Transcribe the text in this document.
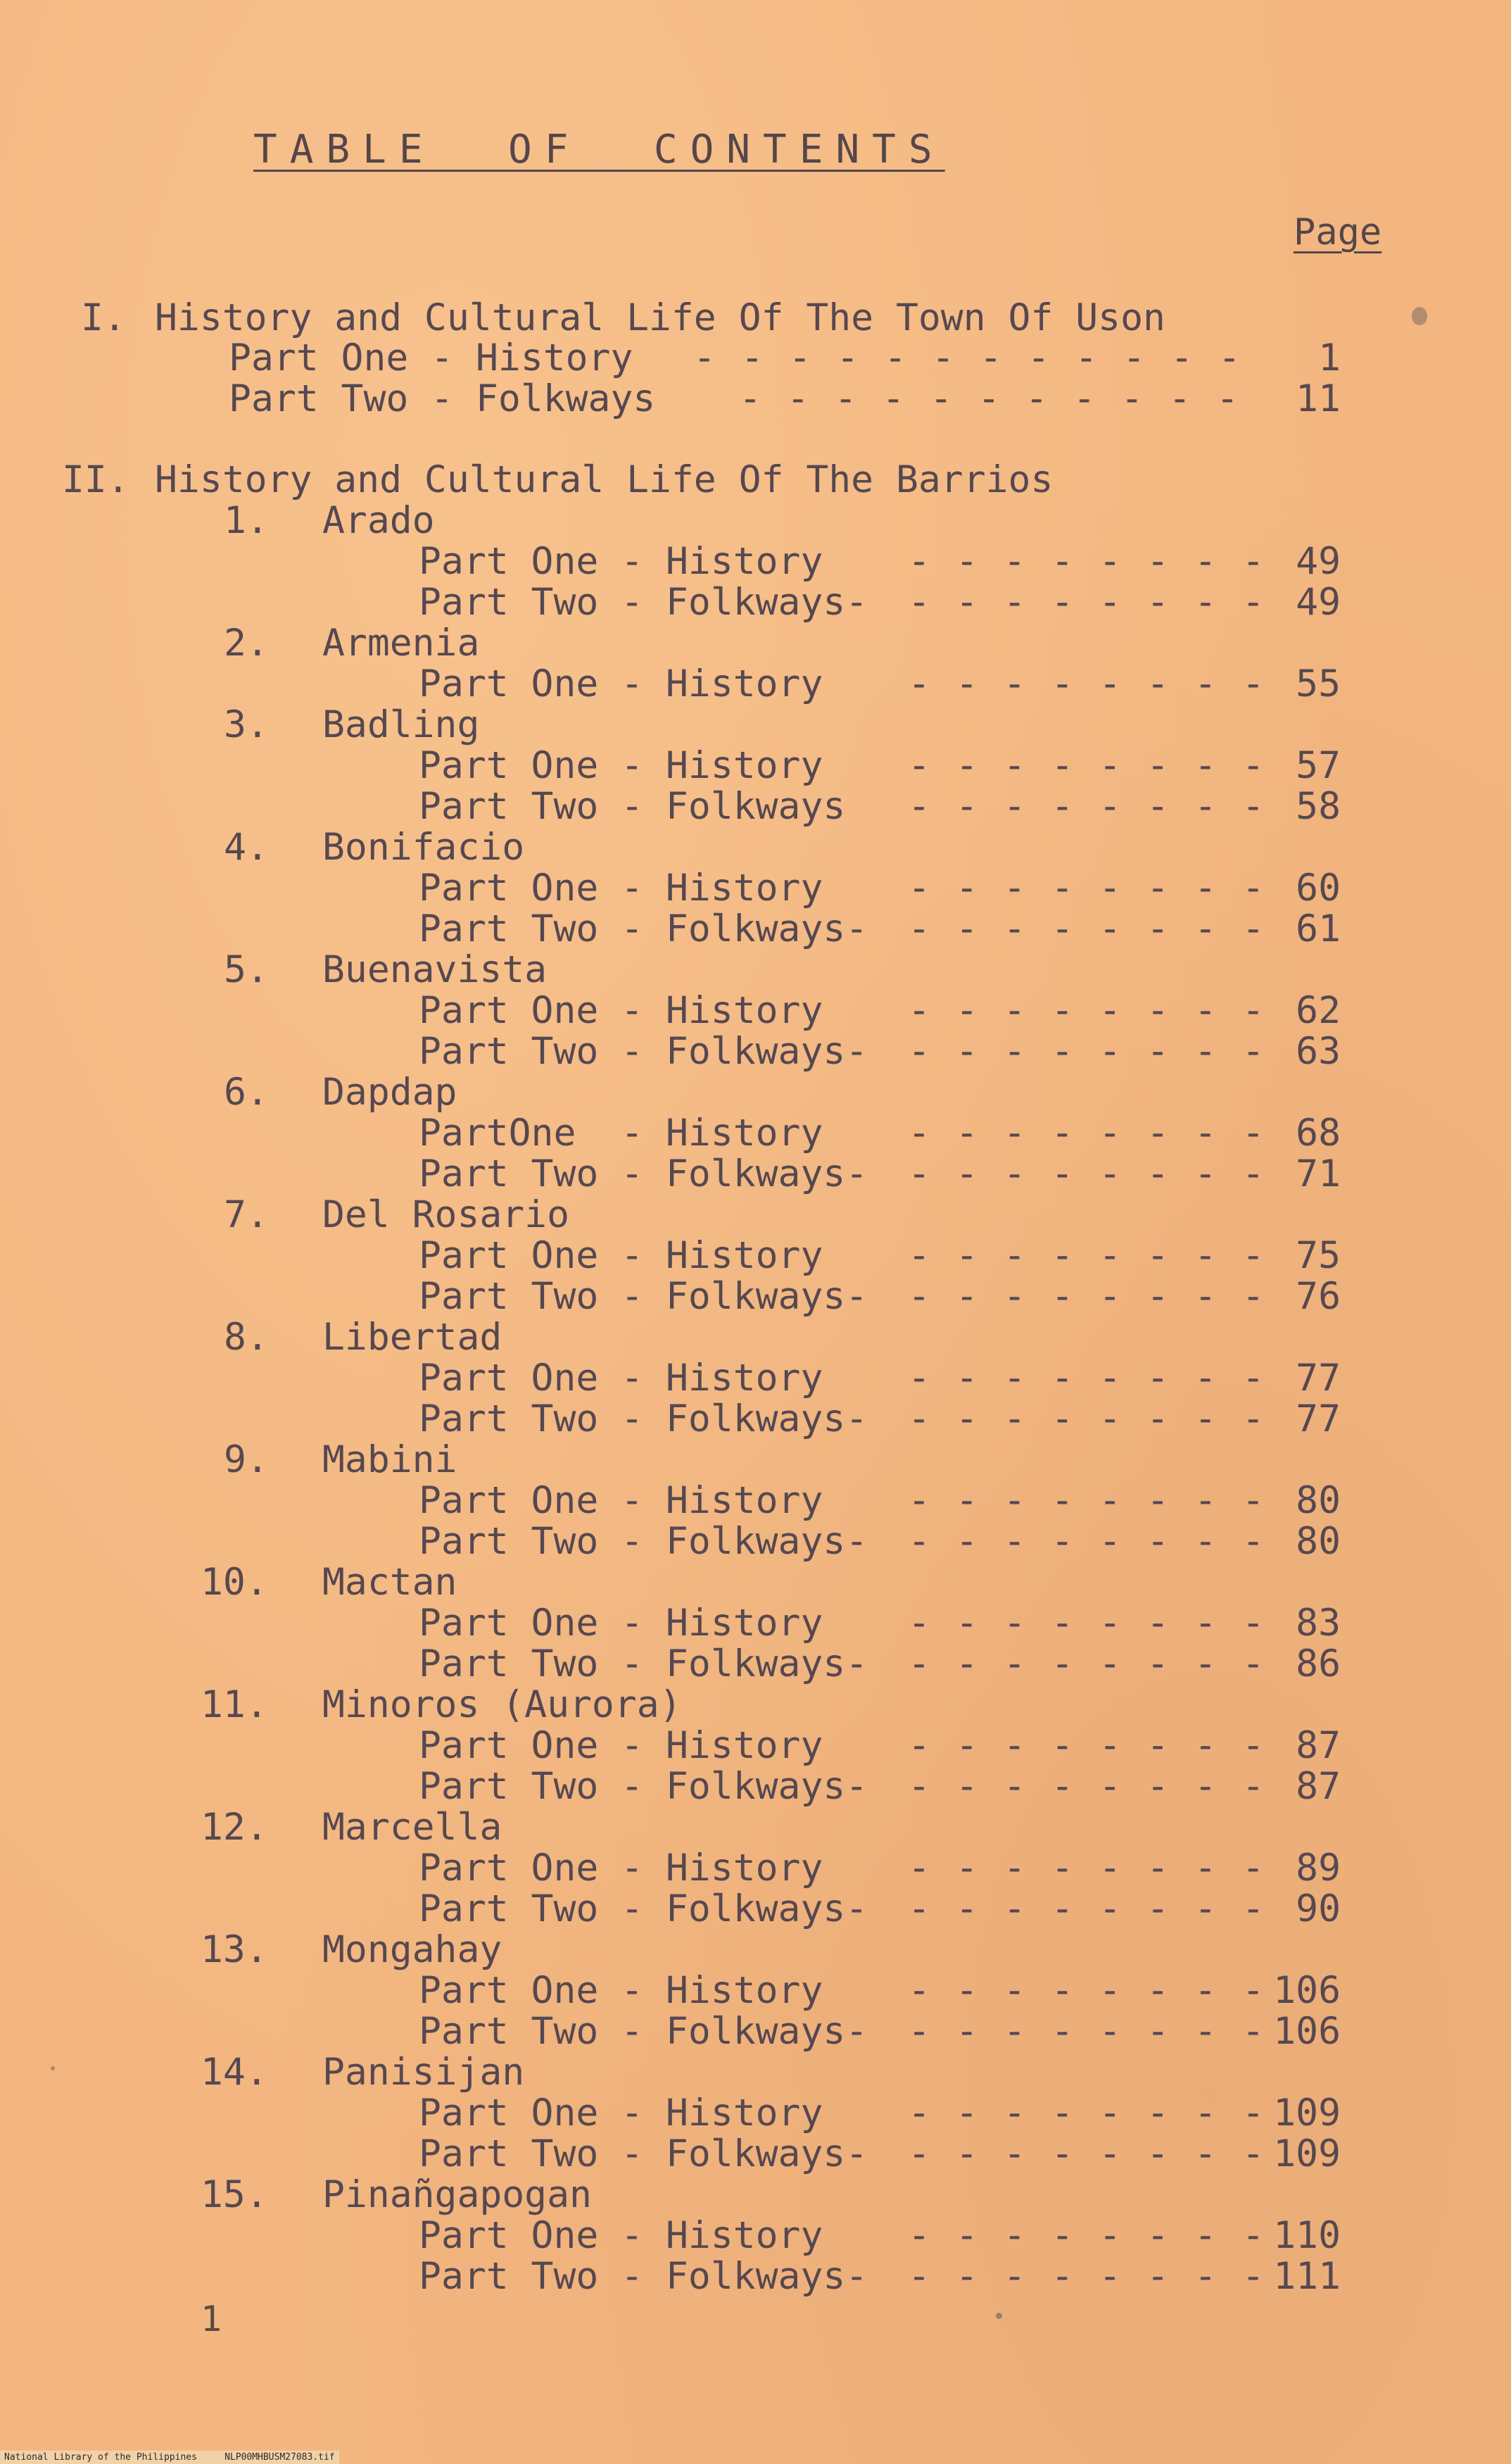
TABLE  OF  CONTENTS
Page
I. History and Cultural Life Of The Town Of Uson
Part One - History - - - - - - - - - - - -	1
Part Two - Folkways - - - - - - - - - - -	11
II. History and Cultural Life Of The Barrios
1. Arado
Part One - History - - - - - - - - 49
Part Two - Folkways- - - - - - - - - 49
2. Armenia
Part One - History - - - - - - - - 55
3. Badling
Part One - History - - - - - - - - 57
Part Two - Folkways - - - - - - - - 58
4. Bonifacio
Part One - History - - - - - - - - 60
Part Two - Folkways- - - - - - - - - 61
5. Buenavista
Part One - History - - - - - - - - 62
Part Two - Folkways- - - - - - - - - 63
6. Dapdap
PartOne  - History - - - - - - - - 68
Part Two - Folkways- - - - - - - - - 71
7. Del Rosario
Part One - History - - - - - - - - 75
Part Two - Folkways- - - - - - - - - 76
8. Libertad
Part One - History - - - - - - - - 77
Part Two - Folkways- - - - - - - - - 77
9. Mabini
Part One - History - - - - - - - - 80
Part Two - Folkways- - - - - - - - - 80
10. Mactan
Part One - History - - - - - - - - 83
Part Two - Folkways- - - - - - - - - 86
11. Minoros (Aurora)
Part One - History - - - - - - - - 87
Part Two - Folkways- - - - - - - - - 87
12. Marcella
Part One - History - - - - - - - - 89
Part Two - Folkways- - - - - - - - - 90
13. Mongahay
Part One - History - - - - - - - - 106
Part Two - Folkways- - - - - - - - - 106
14. Panisijan
Part One - History - - - - - - - - 109
Part Two - Folkways- - - - - - - - - 109
15. Pinañgapogan
Part One - History - - - - - - - - 110
Part Two - Folkways- - - - - - - - - 111
1
National Library of the Philippines     NLP00MHBUSM27083.tif
